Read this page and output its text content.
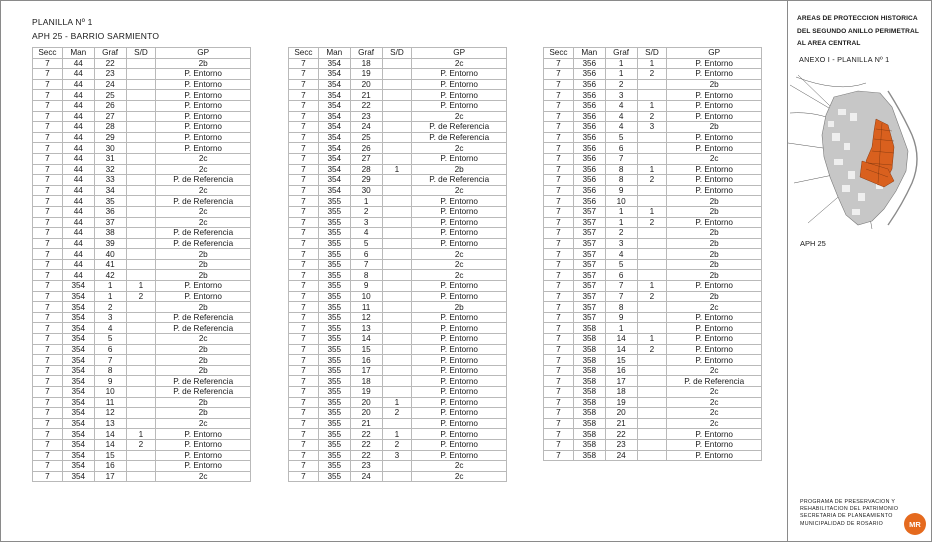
PLANILLA Nº 1
APH 25 - BARRIO SARMIENTO
Secc	Man	Graf	S/D	GP
7	44	22		2b
7	44	23		P. Entorno
7	44	24		P. Entorno
7	44	25		P. Entorno
7	44	26		P. Entorno
7	44	27		P. Entorno
7	44	28		P. Entorno
7	44	29		P. Entorno
7	44	30		P. Entorno
7	44	31		2c
7	44	32		2c
7	44	33		P. de Referencia
7	44	34		2c
7	44	35		P. de Referencia
7	44	36		2c
7	44	37		2c
7	44	38		P. de Referencia
7	44	39		P. de Referencia
7	44	40		2b
7	44	41		2b
7	44	42		2b
7	354	1	1	P. Entorno
7	354	1	2	P. Entorno
7	354	2		2b
7	354	3		P. de Referencia
7	354	4		P. de Referencia
7	354	5		2c
7	354	6		2b
7	354	7		2b
7	354	8		2b
7	354	9		P. de Referencia
7	354	10		P. de Referencia
7	354	11		2b
7	354	12		2b
7	354	13		2c
7	354	14	1	P. Entorno
7	354	14	2	P. Entorno
7	354	15		P. Entorno
7	354	16		P. Entorno
7	354	17		2c
Secc	Man	Graf	S/D	GP
7	354	18		2c
7	354	19		P. Entorno
7	354	20		P. Entorno
7	354	21		P. Entorno
7	354	22		P. Entorno
7	354	23		2c
7	354	24		P. de Referencia
7	354	25		P. de Referencia
7	354	26		2c
7	354	27		P. Entorno
7	354	28	1	2b
7	354	29		P. de Referencia
7	354	30		2c
7	355	1		P. Entorno
7	355	2		P. Entorno
7	355	3		P. Entorno
7	355	4		P. Entorno
7	355	5		P. Entorno
7	355	6		2c
7	355	7		2c
7	355	8		2c
7	355	9		P. Entorno
7	355	10		P. Entorno
7	355	11		2b
7	355	12		P. Entorno
7	355	13		P. Entorno
7	355	14		P. Entorno
7	355	15		P. Entorno
7	355	16		P. Entorno
7	355	17		P. Entorno
7	355	18		P. Entorno
7	355	19		P. Entorno
7	355	20	1	P. Entorno
7	355	20	2	P. Entorno
7	355	21		P. Entorno
7	355	22	1	P. Entorno
7	355	22	2	P. Entorno
7	355	22	3	P. Entorno
7	355	23		2c
7	355	24		2c
Secc	Man	Graf	S/D	GP
7	356	1	1	P. Entorno
7	356	1	2	P. Entorno
7	356	2		2b
7	356	3		P. Entorno
7	356	4	1	P. Entorno
7	356	4	2	P. Entorno
7	356	4	3	2b
7	356	5		P. Entorno
7	356	6		P. Entorno
7	356	7		2c
7	356	8	1	P. Entorno
7	356	8	2	P. Entorno
7	356	9		P. Entorno
7	356	10		2b
7	357	1	1	2b
7	357	1	2	P. Entorno
7	357	2		2b
7	357	3		2b
7	357	4		2b
7	357	5		2b
7	357	6		2b
7	357	7	1	P. Entorno
7	357	7	2	2b
7	357	8		2c
7	357	9		P. Entorno
7	358	1		P. Entorno
7	358	14	1	P. Entorno
7	358	14	2	P. Entorno
7	358	15		P. Entorno
7	358	16		2c
7	358	17		P. de Referencia
7	358	18		2c
7	358	19		2c
7	358	20		2c
7	358	21		2c
7	358	22		P. Entorno
7	358	23		P. Entorno
7	358	24		P. Entorno
AREAS DE PROTECCION HISTORICA
DEL SEGUNDO ANILLO PERIMETRAL
AL AREA CENTRAL
ANEXO I - PLANILLA Nº 1
APH 25
PROGRAMA DE PRESERVACION Y
REHABILITACION DEL PATRIMONIO
SECRETARIA DE PLANEAMIENTO
MUNICIPALIDAD DE ROSARIO	MR
